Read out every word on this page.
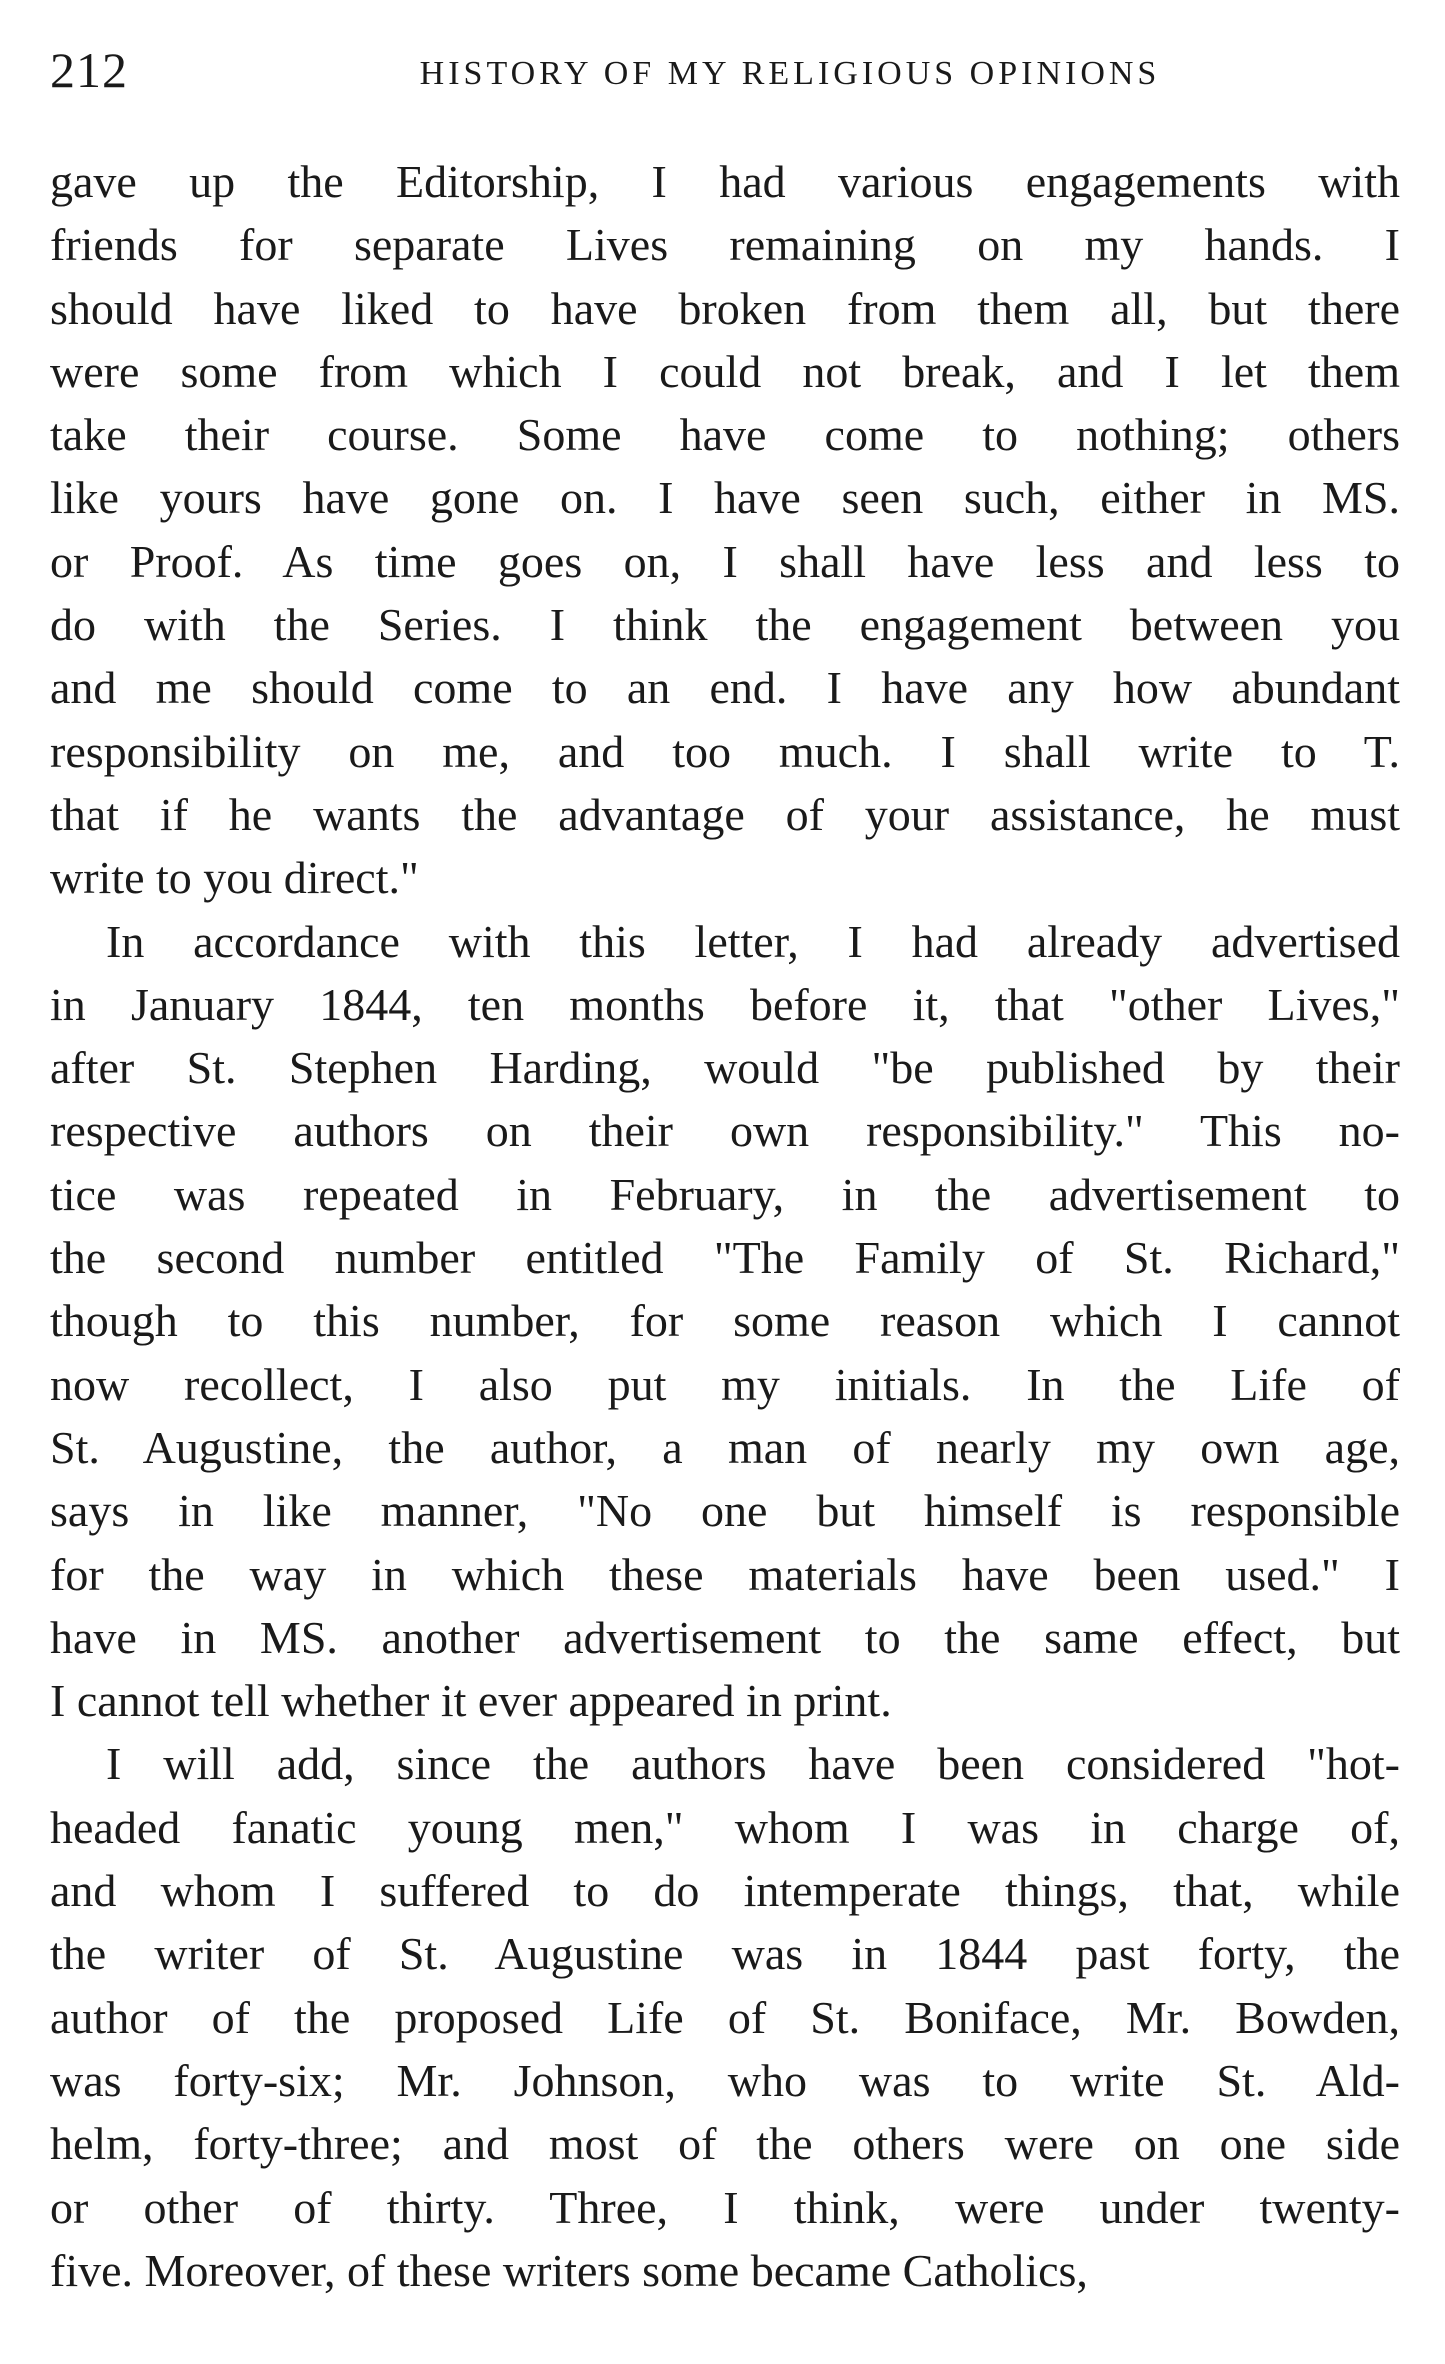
212	HISTORY OF MY RELIGIOUS OPINIONS
gave up the Editorship, I had various engagements with
friends for separate Lives remaining on my hands. I
should have liked to have broken from them all, but there
were some from which I could not break, and I let them
take their course. Some have come to nothing; others
like yours have gone on. I have seen such, either in MS.
or Proof. As time goes on, I shall have less and less to
do with the Series. I think the engagement between you
and me should come to an end. I have any how abundant
responsibility on me, and too much. I shall write to T.
that if he wants the advantage of your assistance, he must
write to you direct."
In accordance with this letter, I had already advertised
in January 1844, ten months before it, that "other Lives,"
after St. Stephen Harding, would "be published by their
respective authors on their own responsibility." This no-
tice was repeated in February, in the advertisement to
the second number entitled "The Family of St. Richard,"
though to this number, for some reason which I cannot
now recollect, I also put my initials. In the Life of
St. Augustine, the author, a man of nearly my own age,
says in like manner, "No one but himself is responsible
for the way in which these materials have been used." I
have in MS. another advertisement to the same effect, but
I cannot tell whether it ever appeared in print.
I will add, since the authors have been considered "hot-
headed fanatic young men," whom I was in charge of,
and whom I suffered to do intemperate things, that, while
the writer of St. Augustine was in 1844 past forty, the
author of the proposed Life of St. Boniface, Mr. Bowden,
was forty-six; Mr. Johnson, who was to write St. Ald-
helm, forty-three; and most of the others were on one side
or other of thirty. Three, I think, were under twenty-
five. Moreover, of these writers some became Catholics,
